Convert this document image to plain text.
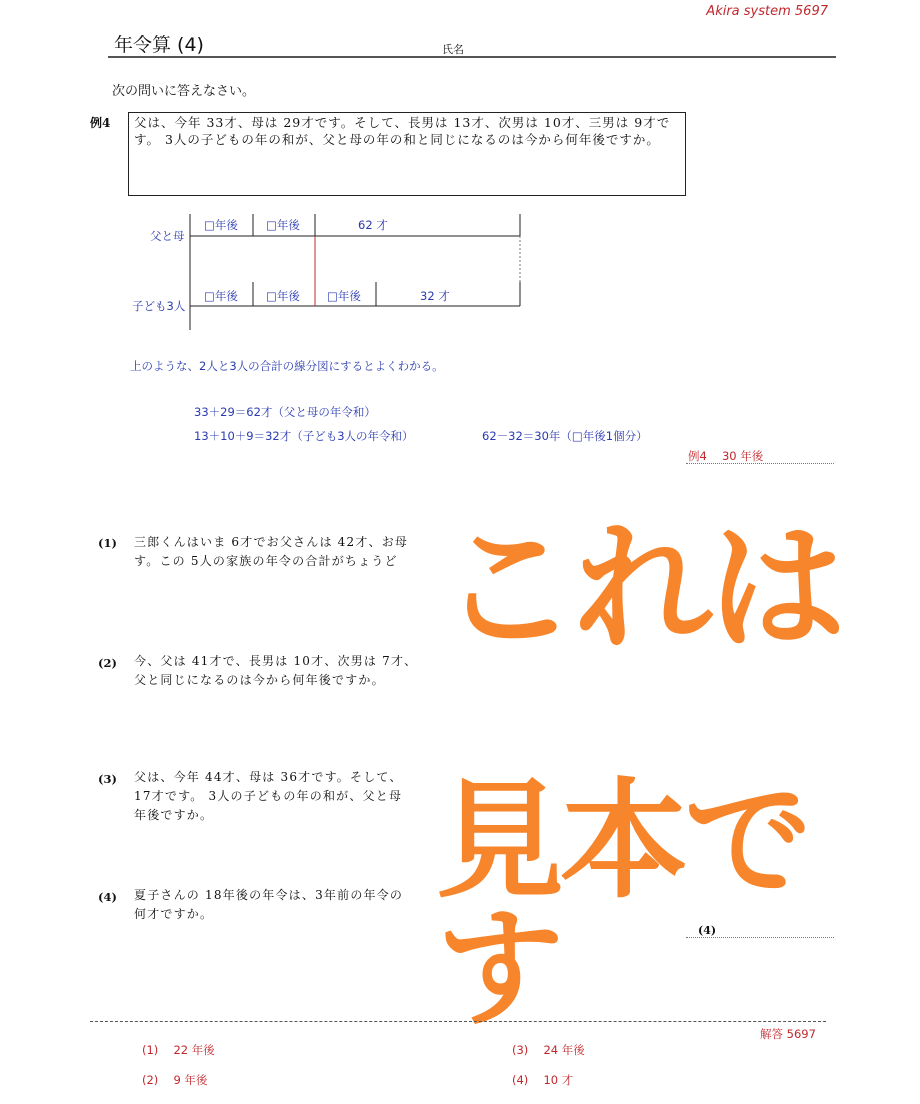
Akira system 5697
年令算 (4)	氏名
次の問いに答えなさい。
例4 父は、今年 33才、母は 29才です。そして、長男は 13才、次男は 10才、三男は 9才です。 3人の子どもの年の和が、父と母の年の和と同じになるのは今から何年後ですか。
父と母
子ども3人
□年後 □年後	62 才
□年後 □年後 □年後	32 才
上のような、2人と3人の合計の線分図にするとよくわかる。
33＋29＝62才（父と母の年令和）
13＋10＋9＝32才（子ども3人の年令和）	62－32＝30年（□年後1個分）
例4　 30 年後
(1) 三郎くんはいま 6才でお父さんは 42才、お母
す。この 5人の家族の年令の合計がちょうど
(2) 今、父は 41才で、長男は 10才、次男は 7才、
父と同じになるのは今から何年後ですか。
(3) 父は、今年 44才、母は 36才です。そして、
17才です。 3人の子どもの年の和が、父と母
年後ですか。
(4) 夏子さんの 18年後の年令は、3年前の年令の
何才ですか。
これは
見本です	(4)
解答 5697
(1)　 22 年後
(2)　 9 年後
(3)　 24 年後
(4)　 10 才
